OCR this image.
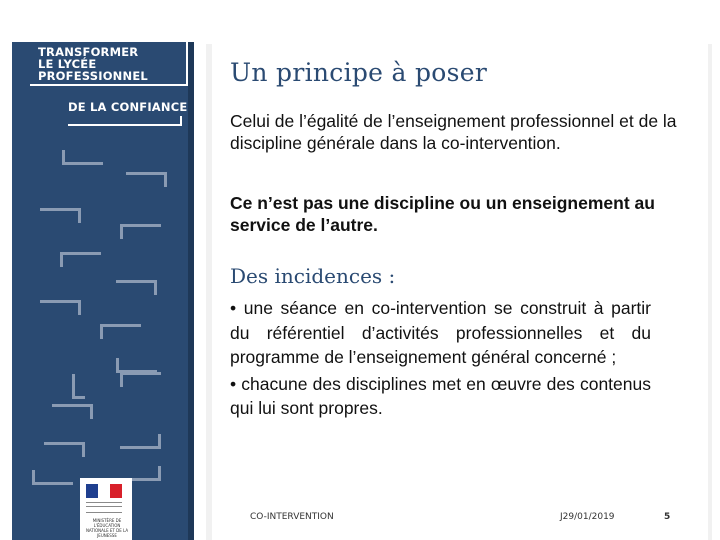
TRANSFORMER
LE LYCÉE
PROFESSIONNEL
DE LA CONFIANCE
MINISTÈRE DE L'ÉDUCATION NATIONALE ET DE LA JEUNESSE
Un principe à poser
Celui de l’égalité de l’enseignement professionnel et de la discipline générale dans la co-intervention.
Ce n’est pas une discipline ou un enseignement au service de l’autre.
Des incidences :
• une séance en co-intervention se construit à partir du référentiel d’activités professionnelles et du programme de l’enseignement général concerné ;
• chacune des disciplines met en œuvre des contenus qui lui sont propres.
CO-INTERVENTION	J29/01/2019	5
